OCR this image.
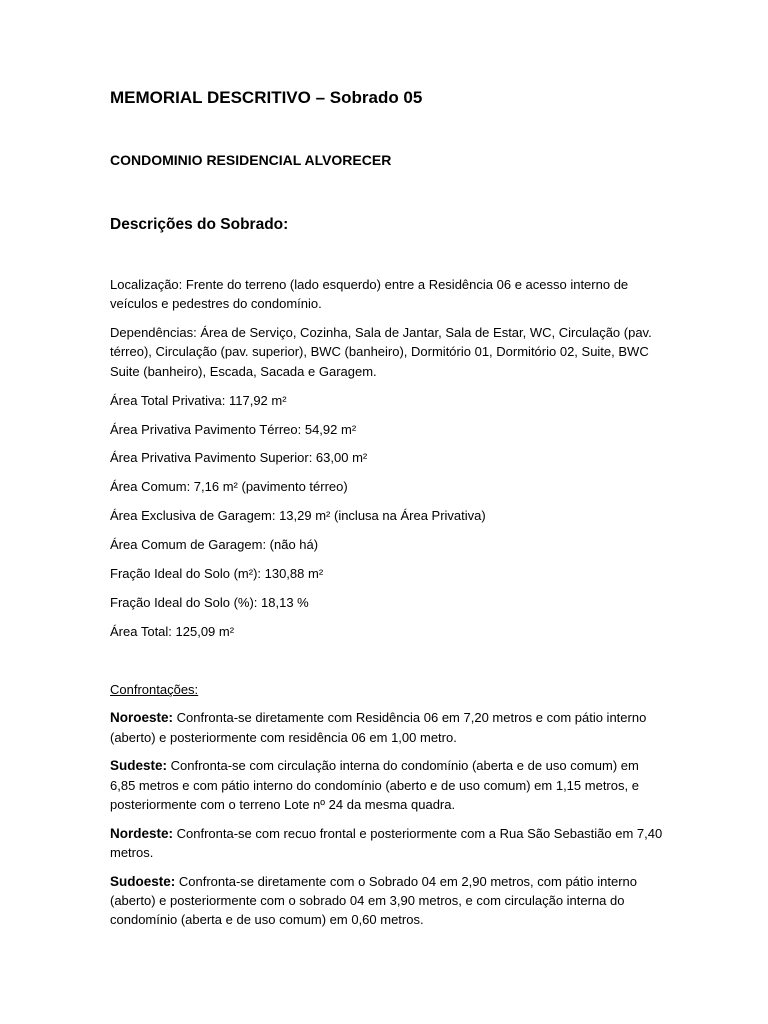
MEMORIAL DESCRITIVO – Sobrado 05
CONDOMINIO RESIDENCIAL ALVORECER
Descrições do Sobrado:

Localização: Frente do terreno (lado esquerdo) entre a Residência 06 e acesso interno de veículos e pedestres do condomínio.

Dependências: Área de Serviço, Cozinha, Sala de Jantar, Sala de Estar, WC, Circulação (pav. térreo), Circulação (pav. superior), BWC (banheiro), Dormitório 01, Dormitório 02, Suite, BWC Suite (banheiro), Escada, Sacada e Garagem.

Área Total Privativa: 117,92 m²

Área Privativa Pavimento Térreo: 54,92 m²

Área Privativa Pavimento Superior: 63,00 m²

Área Comum: 7,16 m² (pavimento térreo)

Área Exclusiva de Garagem: 13,29 m² (inclusa na Área Privativa)

Área Comum de Garagem: (não há)

Fração Ideal do Solo (m²): 130,88 m²

Fração Ideal do Solo (%): 18,13 %

Área Total: 125,09 m²

Confrontações:

Noroeste: Confronta-se diretamente com Residência 06 em 7,20 metros e com pátio interno (aberto) e posteriormente com residência 06 em 1,00 metro.

Sudeste: Confronta-se com circulação interna do condomínio (aberta e de uso comum) em 6,85 metros e com pátio interno do condomínio (aberto e de uso comum) em 1,15 metros, e posteriormente com o terreno Lote nº 24 da mesma quadra.

Nordeste: Confronta-se com recuo frontal e posteriormente com a Rua São Sebastião em 7,40 metros.

Sudoeste: Confronta-se diretamente com o Sobrado 04 em 2,90 metros, com pátio interno (aberto) e posteriormente com o sobrado 04 em 3,90 metros, e com circulação interna do condomínio (aberta e de uso comum) em 0,60 metros.
